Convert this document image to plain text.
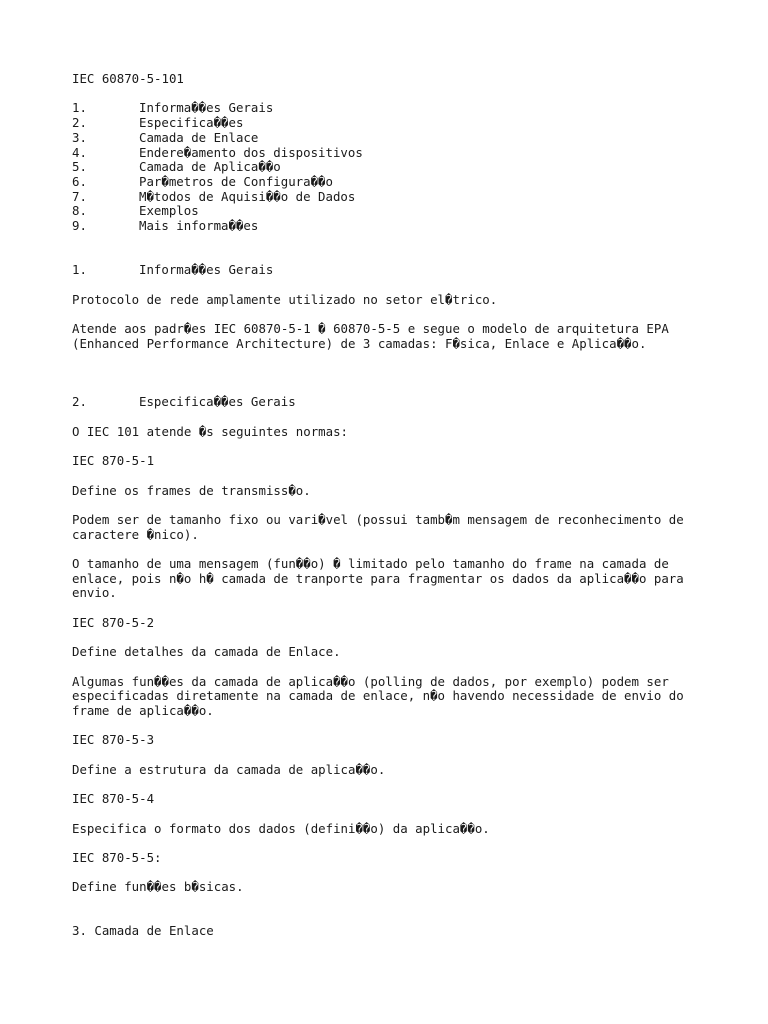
IEC 60870-5-101
1.	Informa��es Gerais
2.	Especifica��es
3.	Camada de Enlace
4.	Endere�amento dos dispositivos
5.	Camada de Aplica��o
6.	Par�metros de Configura��o
7.	M�todos de Aquisi��o de Dados
8.	Exemplos
9.	Mais informa��es
1.	Informa��es Gerais
Protocolo de rede amplamente utilizado no setor el�trico.
Atende aos padr�es IEC 60870-5-1 � 60870-5-5 e segue o modelo de arquitetura EPA
(Enhanced Performance Architecture) de 3 camadas: F�sica, Enlace e Aplica��o.
2.	Especifica��es Gerais
O IEC 101 atende �s seguintes normas:
IEC 870-5-1
Define os frames de transmiss�o.
Podem ser de tamanho fixo ou vari�vel (possui tamb�m mensagem de reconhecimento de
caractere �nico).
O tamanho de uma mensagem (fun��o) � limitado pelo tamanho do frame na camada de
enlace, pois n�o h� camada de tranporte para fragmentar os dados da aplica��o para
envio.
IEC 870-5-2
Define detalhes da camada de Enlace.
Algumas fun��es da camada de aplica��o (polling de dados, por exemplo) podem ser
especificadas diretamente na camada de enlace, n�o havendo necessidade de envio do
frame de aplica��o.
IEC 870-5-3
Define a estrutura da camada de aplica��o.
IEC 870-5-4
Especifica o formato dos dados (defini��o) da aplica��o.
IEC 870-5-5:
Define fun��es b�sicas.
3. Camada de Enlace
